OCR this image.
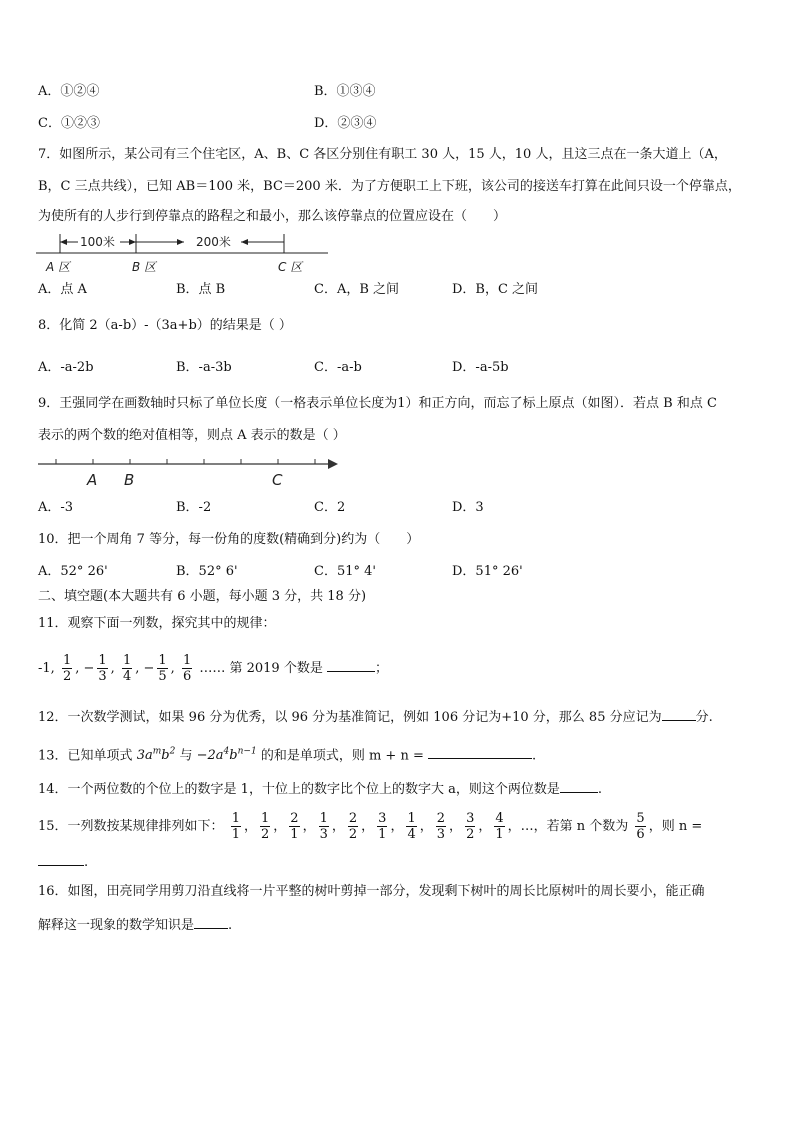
A．①②④	B．①③④
C．①②③	D．②③④
7．如图所示，某公司有三个住宅区，A、B、C 各区分别住有职工 30 人，15 人，10 人，且这三点在一条大道上（A，
B，C 三点共线），已知 AB＝100 米，BC＝200 米．为了方便职工上下班，该公司的接送车打算在此间只设一个停靠点，
为使所有的人步行到停靠点的路程之和最小，那么该停靠点的位置应设在（　　）
100米	200米
A 区	B 区	C 区
A．点 A	B．点 B	C．A，B 之间	D．B，C 之间
8．化简 2（a-b）-（3a+b）的结果是（ ）
A．-a-2b	B．-a-3b	C．-a-b	D．-a-5b
9．王强同学在画数轴时只标了单位长度（一格表示单位长度为1）和正方向，而忘了标上原点（如图）．若点 B 和点 C
表示的两个数的绝对值相等，则点 A 表示的数是（ ）
A B	C
A．-3	B．-2	C．2	D．3
10．把一个周角 7 等分，每一份角的度数(精确到分)约为（　　）
A．52° 26'	B．52° 6'	C．51° 4'	D．51° 26'
二、填空题(本大题共有 6 小题，每小题 3 分，共 18 分)
11．观察下面一列数，探究其中的规律：
-1, $\frac{1}{2}$ , − $\frac{1}{3}$ , $\frac{1}{4}$ , − $\frac{1}{5}$ , $\frac{1}{6}$ …… 第 2019 个数是	；
12．一次数学测试，如果 96 分为优秀，以 96 分为基准简记，例如 106 分记为+10 分，那么 85 分应记为	分.
13．已知单项式 $3a^mb^2$ 与 $-2a^4b^{n-1}$ 的和是单项式，则 m + n =	.
14．一个两位数的个位上的数字是 1，十位上的数字比个位上的数字大 a，则这个两位数是	.
15．一列数按某规律排列如下： $\frac{1}{1}$ ， $\frac{1}{2}$ ， $\frac{2}{1}$ ， $\frac{1}{3}$ ， $\frac{2}{2}$ ， $\frac{3}{1}$ ， $\frac{1}{4}$ ， $\frac{2}{3}$ ， $\frac{3}{2}$ ， $\frac{4}{1}$ ，…，若第 n 个数为 $\frac{5}{6}$ ，则 n =
.
16．如图，田亮同学用剪刀沿直线将一片平整的树叶剪掉一部分，发现剩下树叶的周长比原树叶的周长要小，能正确
解释这一现象的数学知识是	.
